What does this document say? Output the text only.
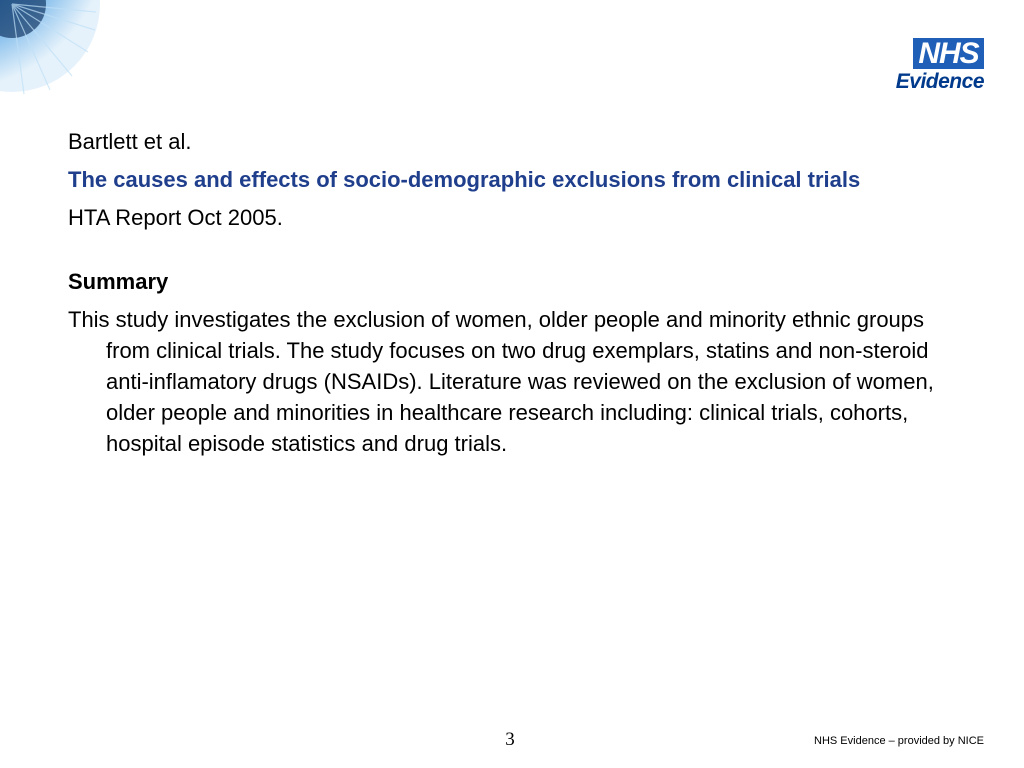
NHS
Evidence

Bartlett et al.

The causes and effects of socio-demographic exclusions from clinical trials

HTA Report Oct 2005.

Summary

This study investigates the exclusion of women, older people and minority ethnic groups from clinical trials. The study focuses on two drug exemplars, statins and non-steroid anti-inflamatory drugs (NSAIDs). Literature was reviewed on the exclusion of women, older people and minorities in healthcare research including: clinical trials, cohorts, hospital episode statistics and drug trials.

3	NHS Evidence – provided by NICE
